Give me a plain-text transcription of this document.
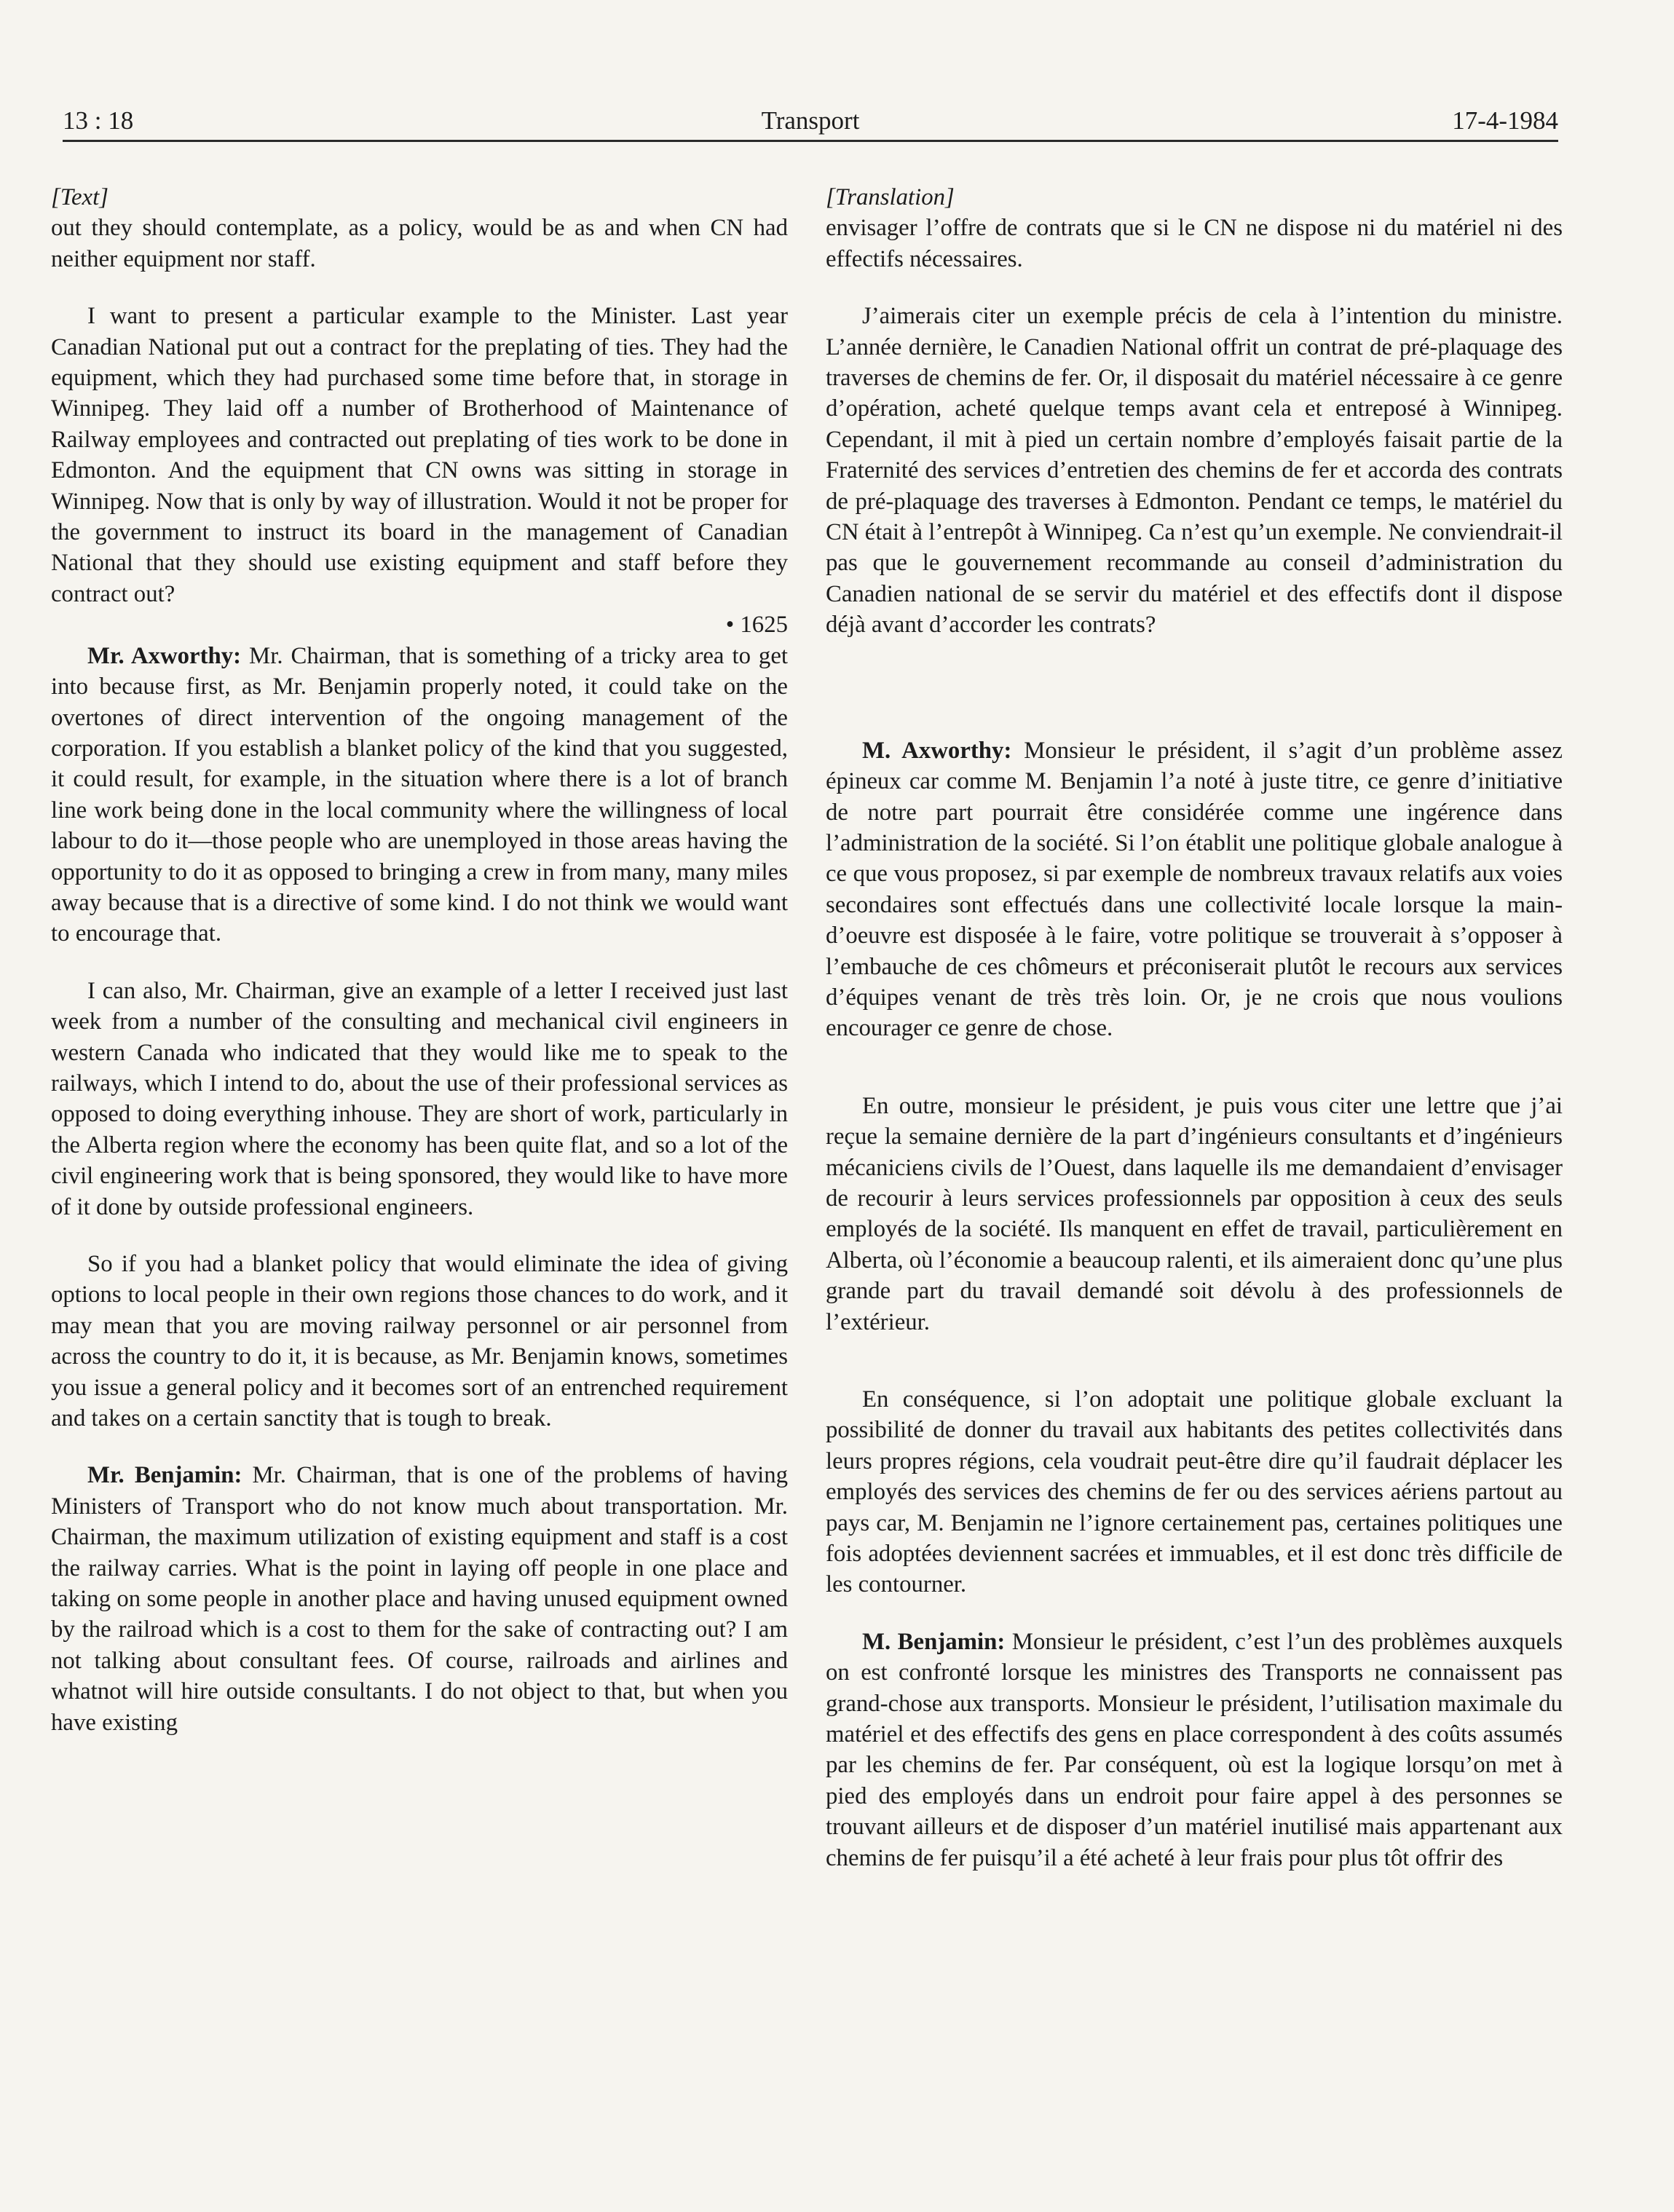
13 : 18	Transport	17-4-1984
[Text]

out they should contemplate, as a policy, would be as and when CN had neither equipment nor staff.

I want to present a particular example to the Minister. Last year Canadian National put out a contract for the preplating of ties. They had the equipment, which they had purchased some time before that, in storage in Winnipeg. They laid off a number of Brotherhood of Maintenance of Railway employees and contracted out preplating of ties work to be done in Edmonton. And the equipment that CN owns was sitting in storage in Winnipeg. Now that is only by way of illustration. Would it not be proper for the government to instruct its board in the management of Canadian National that they should use existing equipment and staff before they contract out?

• 1625

Mr. Axworthy: Mr. Chairman, that is something of a tricky area to get into because first, as Mr. Benjamin properly noted, it could take on the overtones of direct intervention of the ongoing management of the corporation. If you establish a blanket policy of the kind that you suggested, it could result, for example, in the situation where there is a lot of branch line work being done in the local community where the willingness of local labour to do it—those people who are unemployed in those areas having the opportunity to do it as opposed to bringing a crew in from many, many miles away because that is a directive of some kind. I do not think we would want to encourage that.

I can also, Mr. Chairman, give an example of a letter I received just last week from a number of the consulting and mechanical civil engineers in western Canada who indicated that they would like me to speak to the railways, which I intend to do, about the use of their professional services as opposed to doing everything inhouse. They are short of work, particularly in the Alberta region where the economy has been quite flat, and so a lot of the civil engineering work that is being sponsored, they would like to have more of it done by outside professional engineers.

So if you had a blanket policy that would eliminate the idea of giving options to local people in their own regions those chances to do work, and it may mean that you are moving railway personnel or air personnel from across the country to do it, it is because, as Mr. Benjamin knows, sometimes you issue a general policy and it becomes sort of an entrenched requirement and takes on a certain sanctity that is tough to break.

Mr. Benjamin: Mr. Chairman, that is one of the problems of having Ministers of Transport who do not know much about transportation. Mr. Chairman, the maximum utilization of existing equipment and staff is a cost the railway carries. What is the point in laying off people in one place and taking on some people in another place and having unused equipment owned by the railroad which is a cost to them for the sake of contracting out? I am not talking about consultant fees. Of course, railroads and airlines and whatnot will hire outside consultants. I do not object to that, but when you have existing

[Translation]

envisager l’offre de contrats que si le CN ne dispose ni du matériel ni des effectifs nécessaires.

J’aimerais citer un exemple précis de cela à l’intention du ministre. L’année dernière, le Canadien National offrit un contrat de pré-plaquage des traverses de chemins de fer. Or, il disposait du matériel nécessaire à ce genre d’opération, acheté quelque temps avant cela et entreposé à Winnipeg. Cependant, il mit à pied un certain nombre d’employés faisait partie de la Fraternité des services d’entretien des chemins de fer et accorda des contrats de pré-plaquage des traverses à Edmonton. Pendant ce temps, le matériel du CN était à l’entrepôt à Winnipeg. Ca n’est qu’un exemple. Ne conviendrait-il pas que le gouvernement recommande au conseil d’administration du Canadien national de se servir du matériel et des effectifs dont il dispose déjà avant d’accorder les contrats?

M. Axworthy: Monsieur le président, il s’agit d’un problème assez épineux car comme M. Benjamin l’a noté à juste titre, ce genre d’initiative de notre part pourrait être considérée comme une ingérence dans l’administration de la société. Si l’on établit une politique globale analogue à ce que vous proposez, si par exemple de nombreux travaux relatifs aux voies secondaires sont effectués dans une collectivité locale lorsque la main-d’oeuvre est disposée à le faire, votre politique se trouverait à s’opposer à l’embauche de ces chômeurs et préconiserait plutôt le recours aux services d’équipes venant de très très loin. Or, je ne crois que nous voulions encourager ce genre de chose.

En outre, monsieur le président, je puis vous citer une lettre que j’ai reçue la semaine dernière de la part d’ingénieurs consultants et d’ingénieurs mécaniciens civils de l’Ouest, dans laquelle ils me demandaient d’envisager de recourir à leurs services professionnels par opposition à ceux des seuls employés de la société. Ils manquent en effet de travail, particulièrement en Alberta, où l’économie a beaucoup ralenti, et ils aimeraient donc qu’une plus grande part du travail demandé soit dévolu à des professionnels de l’extérieur.

En conséquence, si l’on adoptait une politique globale excluant la possibilité de donner du travail aux habitants des petites collectivités dans leurs propres régions, cela voudrait peut-être dire qu’il faudrait déplacer les employés des services des chemins de fer ou des services aériens partout au pays car, M. Benjamin ne l’ignore certainement pas, certaines politiques une fois adoptées deviennent sacrées et immuables, et il est donc très difficile de les contourner.

M. Benjamin: Monsieur le président, c’est l’un des problèmes auxquels on est confronté lorsque les ministres des Transports ne connaissent pas grand-chose aux transports. Monsieur le président, l’utilisation maximale du matériel et des effectifs des gens en place correspondent à des coûts assumés par les chemins de fer. Par conséquent, où est la logique lorsqu’on met à pied des employés dans un endroit pour faire appel à des personnes se trouvant ailleurs et de disposer d’un matériel inutilisé mais appartenant aux chemins de fer puisqu’il a été acheté à leur frais pour plus tôt offrir des
